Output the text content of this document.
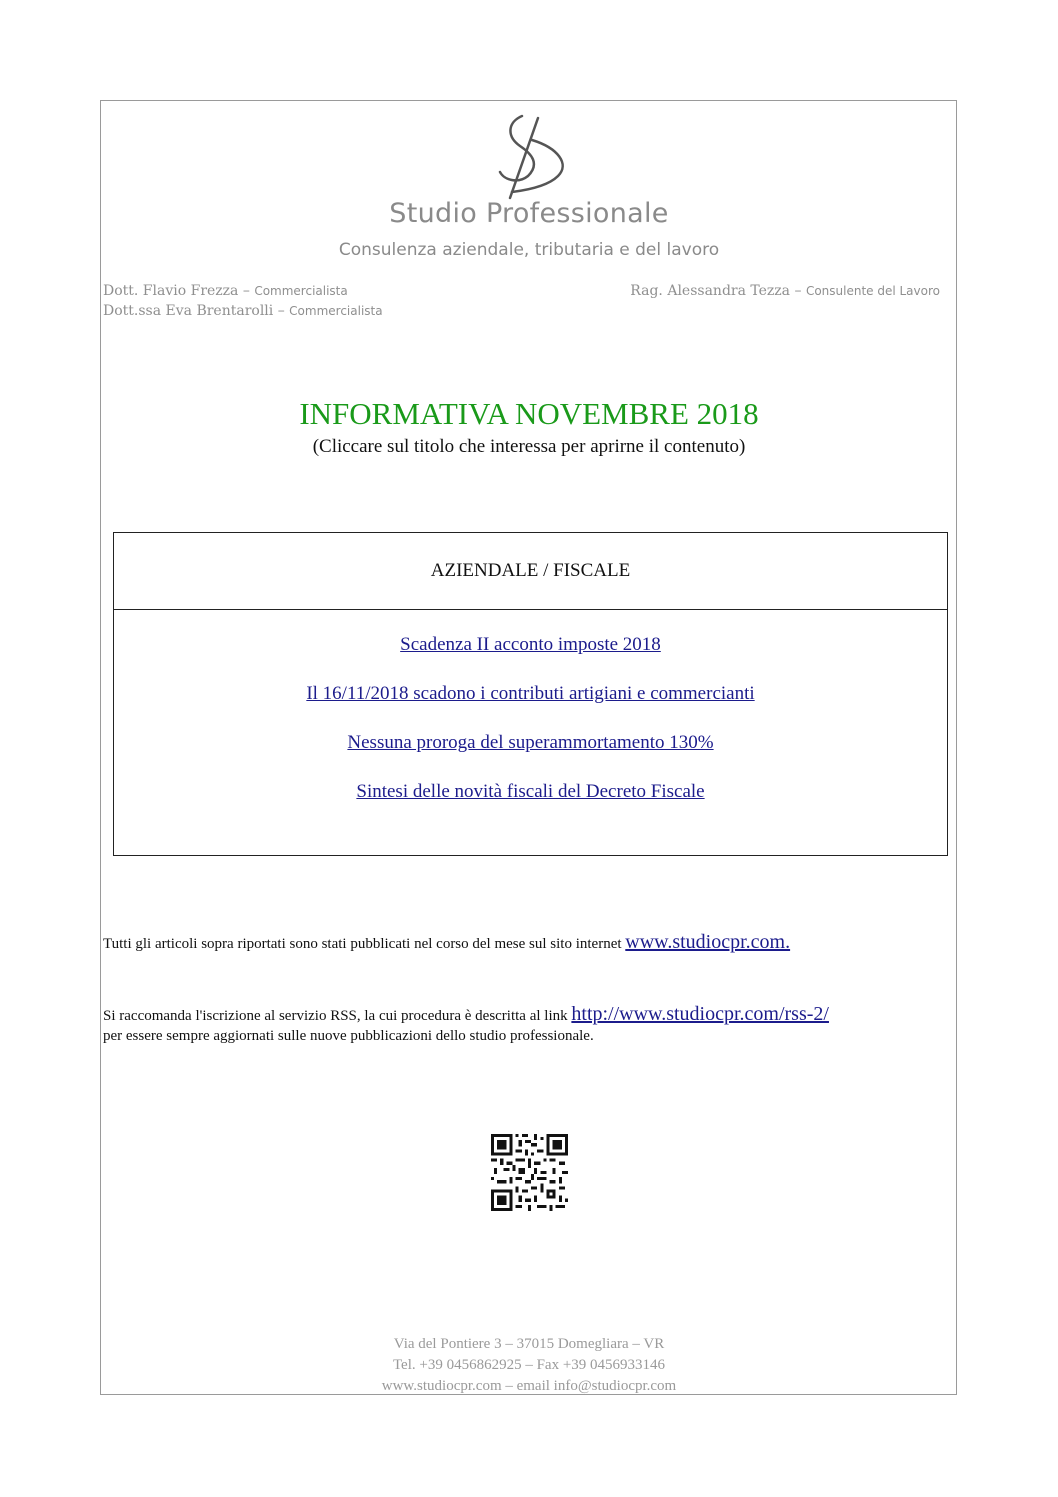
Studio Professionale
Consulenza aziendale, tributaria e del lavoro
Dott. Flavio Frezza – Commercialista
Dott.ssa Eva Brentarolli – Commercialista
Rag. Alessandra Tezza – Consulente del Lavoro
INFORMATIVA NOVEMBRE 2018
(Cliccare sul titolo che interessa per aprirne il contenuto)
AZIENDALE / FISCALE
Scadenza II acconto imposte 2018
Il 16/11/2018 scadono i contributi artigiani e commercianti
Nessuna proroga del superammortamento 130%
Sintesi delle novità fiscali del Decreto Fiscale
Tutti gli articoli sopra riportati sono stati pubblicati nel corso del mese sul sito internet www.studiocpr.com.
Si raccomanda l'iscrizione al servizio RSS, la cui procedura è descritta al link http://www.studiocpr.com/rss-2/
per essere sempre aggiornati sulle nuove pubblicazioni dello studio professionale.
Via del Pontiere 3 – 37015 Domegliara – VR
Tel. +39 0456862925 – Fax +39 0456933146
www.studiocpr.com – email info@studiocpr.com
